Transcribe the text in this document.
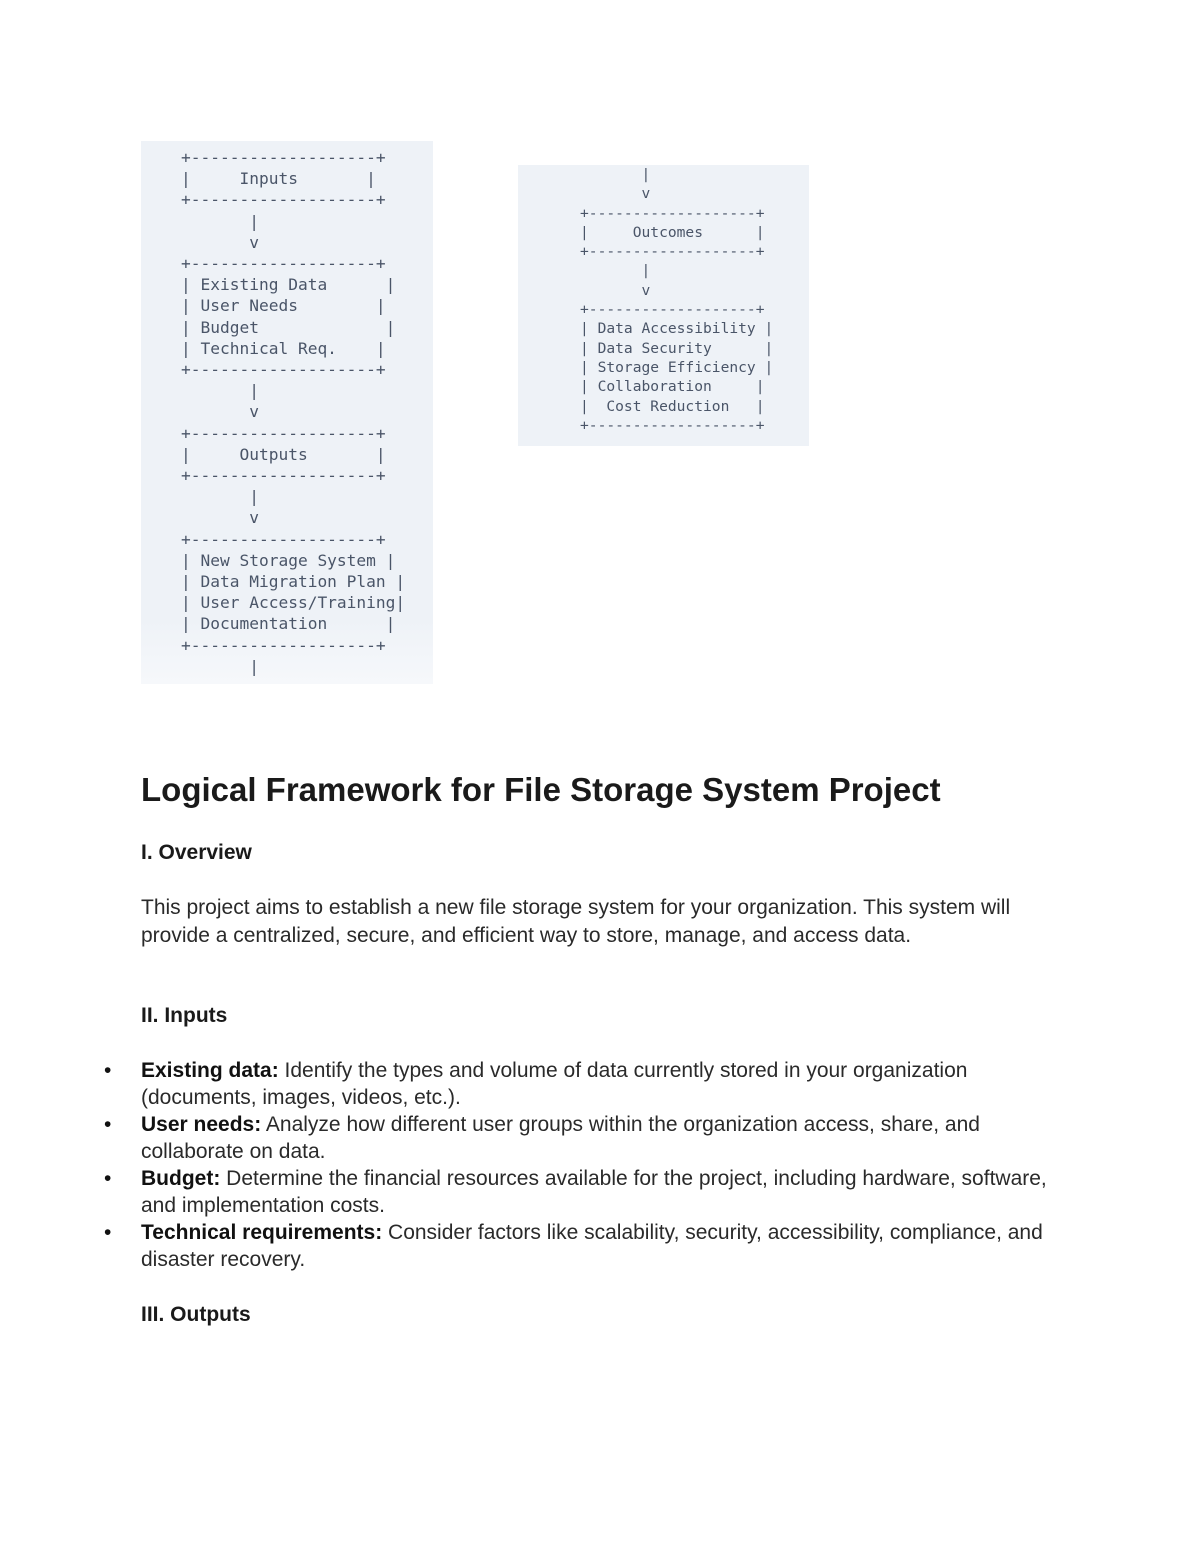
+-------------------+
|     Inputs       |
+-------------------+
|
v
+-------------------+
| Existing Data      |
| User Needs        |
| Budget             |
| Technical Req.    |
+-------------------+
|
v
+-------------------+
|     Outputs       |
+-------------------+
|
v
+-------------------+
| New Storage System |
| Data Migration Plan |
| User Access/Training|
| Documentation      |
+-------------------+
|
|
v
+-------------------+
|     Outcomes      |
+-------------------+
|
v
+-------------------+
| Data Accessibility |
| Data Security      |
| Storage Efficiency |
| Collaboration     |
|  Cost Reduction   |
+-------------------+
Logical Framework for File Storage System Project
I. Overview

This project aims to establish a new file storage system for your organization. This system will provide a centralized, secure, and efficient way to store, manage, and access data.

II. Inputs
• Existing data: Identify the types and volume of data currently stored in your organization (documents, images, videos, etc.).
• User needs: Analyze how different user groups within the organization access, share, and collaborate on data.
• Budget: Determine the financial resources available for the project, including hardware, software, and implementation costs.
• Technical requirements: Consider factors like scalability, security, accessibility, compliance, and disaster recovery.
III. Outputs
